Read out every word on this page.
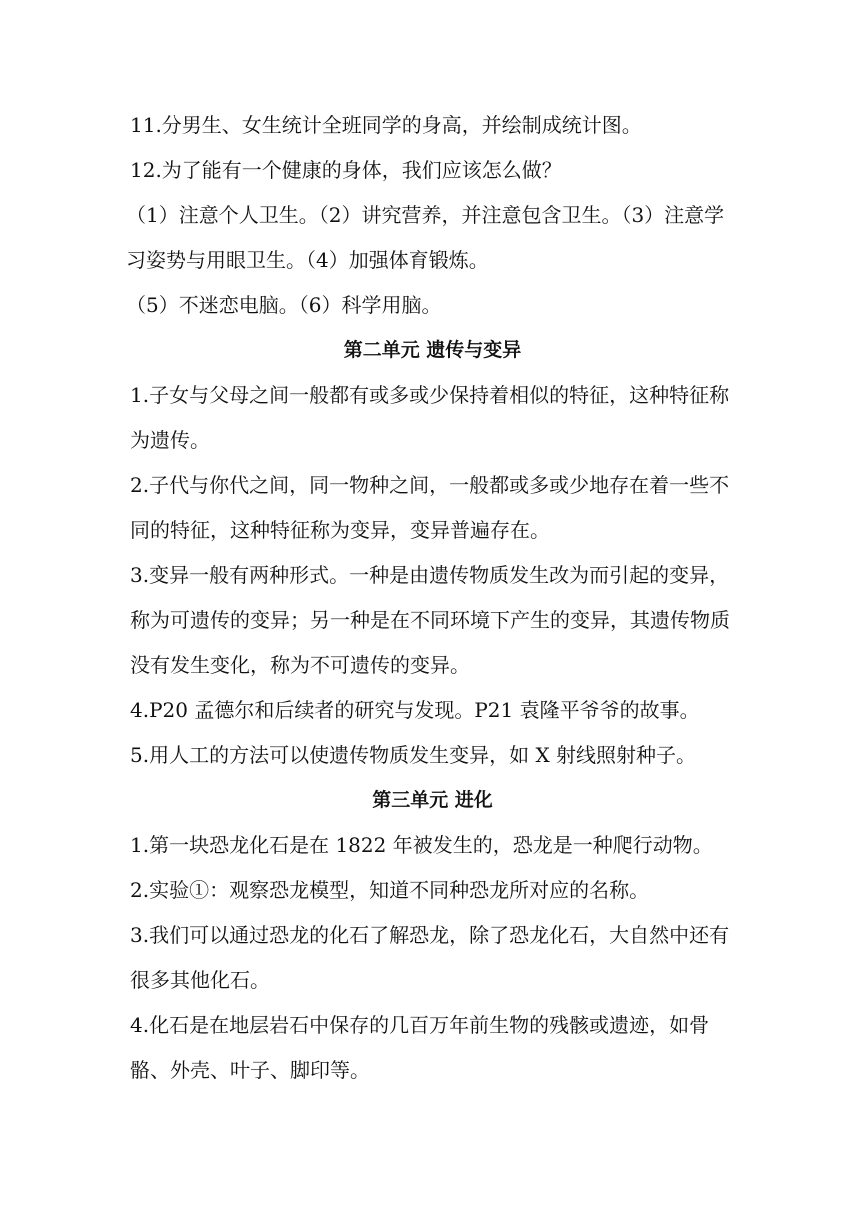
11.分男生、女生统计全班同学的身高，并绘制成统计图。

12.为了能有一个健康的身体，我们应该怎么做？

（1）注意个人卫生。（2）讲究营养，并注意包含卫生。（3）注意学习姿势与用眼卫生。（4）加强体育锻炼。

（5）不迷恋电脑。（6）科学用脑。

第二单元 遗传与变异

1.子女与父母之间一般都有或多或少保持着相似的特征，这种特征称为遗传。

2.子代与你代之间，同一物种之间，一般都或多或少地存在着一些不同的特征，这种特征称为变异，变异普遍存在。

3.变异一般有两种形式。一种是由遗传物质发生改为而引起的变异，称为可遗传的变异；另一种是在不同环境下产生的变异，其遗传物质没有发生变化，称为不可遗传的变异。

4.P20 孟德尔和后续者的研究与发现。P21 袁隆平爷爷的故事。

5.用人工的方法可以使遗传物质发生变异，如 X 射线照射种子。

第三单元 进化

1.第一块恐龙化石是在 1822 年被发生的，恐龙是一种爬行动物。

2.实验①：观察恐龙模型，知道不同种恐龙所对应的名称。

3.我们可以通过恐龙的化石了解恐龙，除了恐龙化石，大自然中还有很多其他化石。

4.化石是在地层岩石中保存的几百万年前生物的残骸或遗迹，如骨骼、外壳、叶子、脚印等。
